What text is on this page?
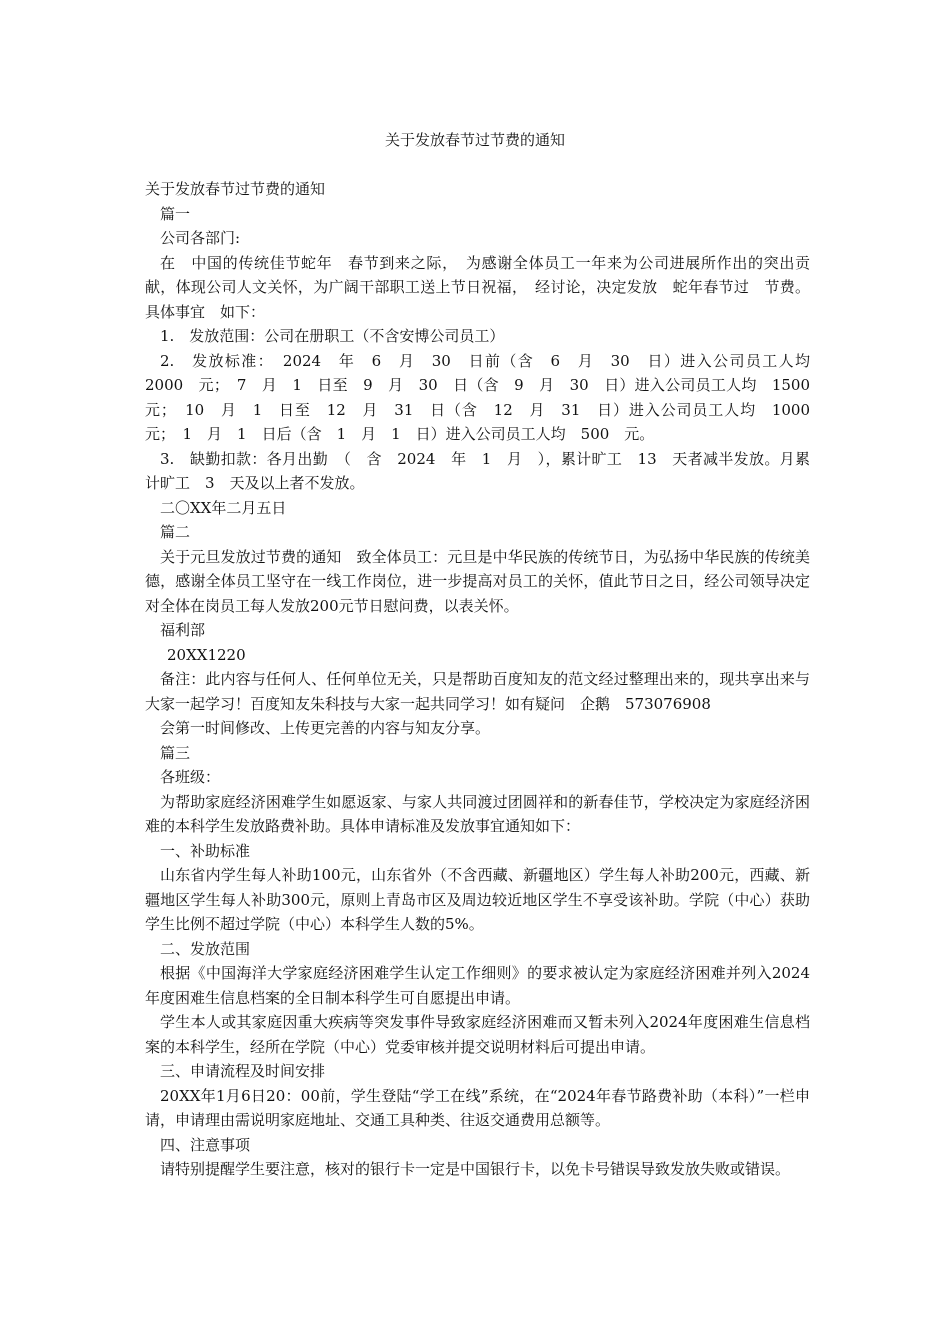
关于发放春节过节费的通知

关于发放春节过节费的通知

篇一

公司各部门:

在　中国的传统佳节蛇年　春节到来之际，　为感谢全体员工一年来为公司进展所作出的突出贡献，体现公司人文关怀，为广阔干部职工送上节日祝福，　经讨论，决定发放　蛇年春节过　节费。具体事宜　如下：

1.　发放范围：公司在册职工（不含安博公司员工）

2.　发放标准：　2024　年　6　月　30　日前（含　6　月　30　日）进入公司员工人均　2000　元；　7　月　1　日至　9　月　30　日（含　9　月　30　日）进入公司员工人均　1500　元；　10　月　1　日至　12　月　31　日（含　12　月　31　日）进入公司员工人均　1000　元；　1　月　1　日后（含　1　月　1　日）进入公司员工人均　500　元。

3.　缺勤扣款：各月出勤　（　含　2024　年　1　月　），累计旷工　13　天者减半发放。月累计旷工　3　天及以上者不发放。

二〇XX年二月五日

篇二

关于元旦发放过节费的通知　致全体员工：元旦是中华民族的传统节日，为弘扬中华民族的传统美德，感谢全体员工坚守在一线工作岗位，进一步提高对员工的关怀，值此节日之日，经公司领导决定对全体在岗员工每人发放200元节日慰问费，以表关怀。

福利部

20XX1220

备注：此内容与任何人、任何单位无关，只是帮助百度知友的范文经过整理出来的，现共享出来与大家一起学习！百度知友朱科技与大家一起共同学习！如有疑问　企鹅　573076908

会第一时间修改、上传更完善的内容与知友分享。

篇三

各班级：

为帮助家庭经济困难学生如愿返家、与家人共同渡过团圆祥和的新春佳节，学校决定为家庭经济困难的本科学生发放路费补助。具体申请标准及发放事宜通知如下：

一、补助标准

山东省内学生每人补助100元，山东省外（不含西藏、新疆地区）学生每人补助200元，西藏、新疆地区学生每人补助300元，原则上青岛市区及周边较近地区学生不享受该补助。学院（中心）获助学生比例不超过学院（中心）本科学生人数的5%。

二、发放范围

根据《中国海洋大学家庭经济困难学生认定工作细则》的要求被认定为家庭经济困难并列入2024年度困难生信息档案的全日制本科学生可自愿提出申请。

学生本人或其家庭因重大疾病等突发事件导致家庭经济困难而又暂未列入2024年度困难生信息档案的本科学生，经所在学院（中心）党委审核并提交说明材料后可提出申请。

三、申请流程及时间安排

20XX年1月6日20：00前，学生登陆“学工在线”系统，在“2024年春节路费补助（本科）”一栏申请，申请理由需说明家庭地址、交通工具种类、往返交通费用总额等。

四、注意事项

请特别提醒学生要注意，核对的银行卡一定是中国银行卡，以免卡号错误导致发放失败或错误。
